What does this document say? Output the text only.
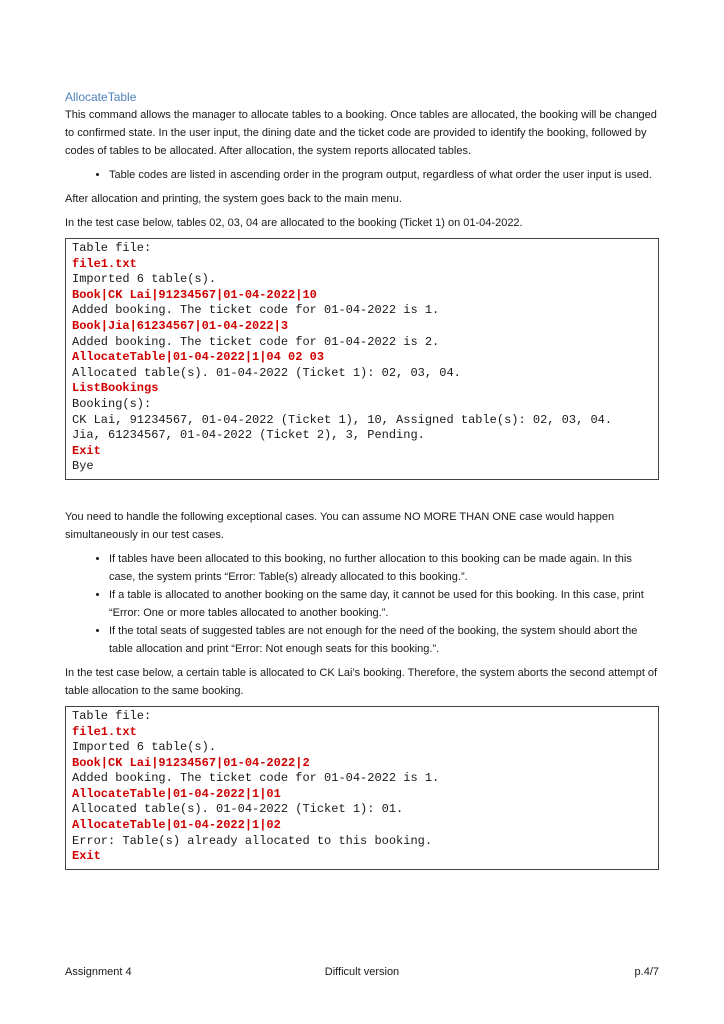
AllocateTable

This command allows the manager to allocate tables to a booking. Once tables are allocated, the booking will be changed to confirmed state. In the user input, the dining date and the ticket code are provided to identify the booking, followed by codes of tables to be allocated. After allocation, the system reports allocated tables.

• Table codes are listed in ascending order in the program output, regardless of what order the user input is used.

After allocation and printing, the system goes back to the main menu.

In the test case below, tables 02, 03, 04 are allocated to the booking (Ticket 1) on 01-04-2022.

Table file:
file1.txt
Imported 6 table(s).
Book|CK Lai|91234567|01-04-2022|10
Added booking. The ticket code for 01-04-2022 is 1.
Book|Jia|61234567|01-04-2022|3
Added booking. The ticket code for 01-04-2022 is 2.
AllocateTable|01-04-2022|1|04 02 03
Allocated table(s). 01-04-2022 (Ticket 1): 02, 03, 04.
ListBookings
Booking(s):
CK Lai, 91234567, 01-04-2022 (Ticket 1), 10, Assigned table(s): 02, 03, 04.
Jia, 61234567, 01-04-2022 (Ticket 2), 3, Pending.
Exit
Bye

You need to handle the following exceptional cases. You can assume NO MORE THAN ONE case would happen simultaneously in our test cases.

• If tables have been allocated to this booking, no further allocation to this booking can be made again. In this case, the system prints “Error: Table(s) already allocated to this booking.”.
• If a table is allocated to another booking on the same day, it cannot be used for this booking. In this case, print “Error: One or more tables allocated to another booking.”.
• If the total seats of suggested tables are not enough for the need of the booking, the system should abort the table allocation and print “Error: Not enough seats for this booking.”.

In the test case below, a certain table is allocated to CK Lai’s booking. Therefore, the system aborts the second attempt of table allocation to the same booking.

Table file:
file1.txt
Imported 6 table(s).
Book|CK Lai|91234567|01-04-2022|2
Added booking. The ticket code for 01-04-2022 is 1.
AllocateTable|01-04-2022|1|01
Allocated table(s). 01-04-2022 (Ticket 1): 01.
AllocateTable|01-04-2022|1|02
Error: Table(s) already allocated to this booking.
Exit
Assignment 4	Difficult version	p.4/7
